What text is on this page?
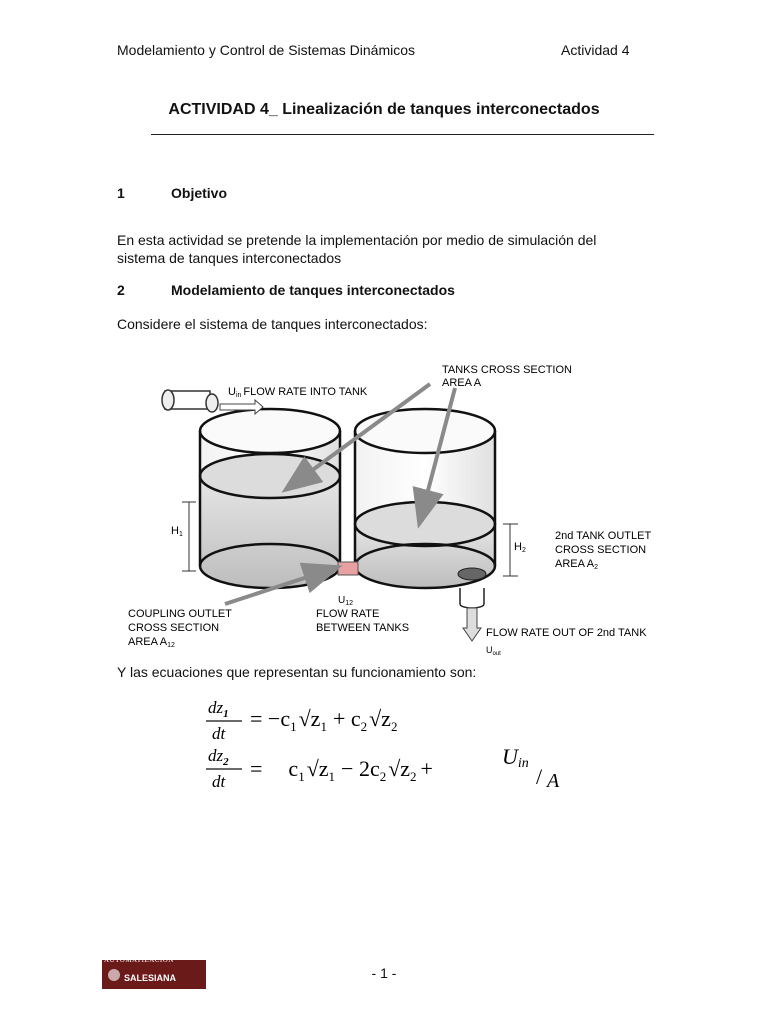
Modelamiento y Control de Sistemas Dinámicos	Actividad 4
ACTIVIDAD 4_ Linealización de tanques interconectados
1	Objetivo
En esta actividad se pretende la implementación por medio de simulación del
sistema de tanques interconectados
2	Modelamiento de tanques interconectados
Considere el sistema de tanques interconectados:
Uin FLOW RATE INTO TANK
TANKS CROSS SECTION
AREA A
H1
H2
2nd TANK OUTLET
CROSS SECTION
AREA A2
$U_{12}$
COUPLING OUTLET
CROSS SECTION
AREA A12
FLOW RATE
BETWEEN TANKS	FLOW RATE OUT OF 2nd TANK
$U_{out}$
Y las ecuaciones que representan su funcionamiento son:
$dz_1$
dt
= $-c_1√z_1 + c_2√z_2$
$dz_2$
dt
= $c_1√z_1 - 2c_2√z_2$ +	Uin
/ A
AUTOMATIZACION
SALESIANA	- 1 -
